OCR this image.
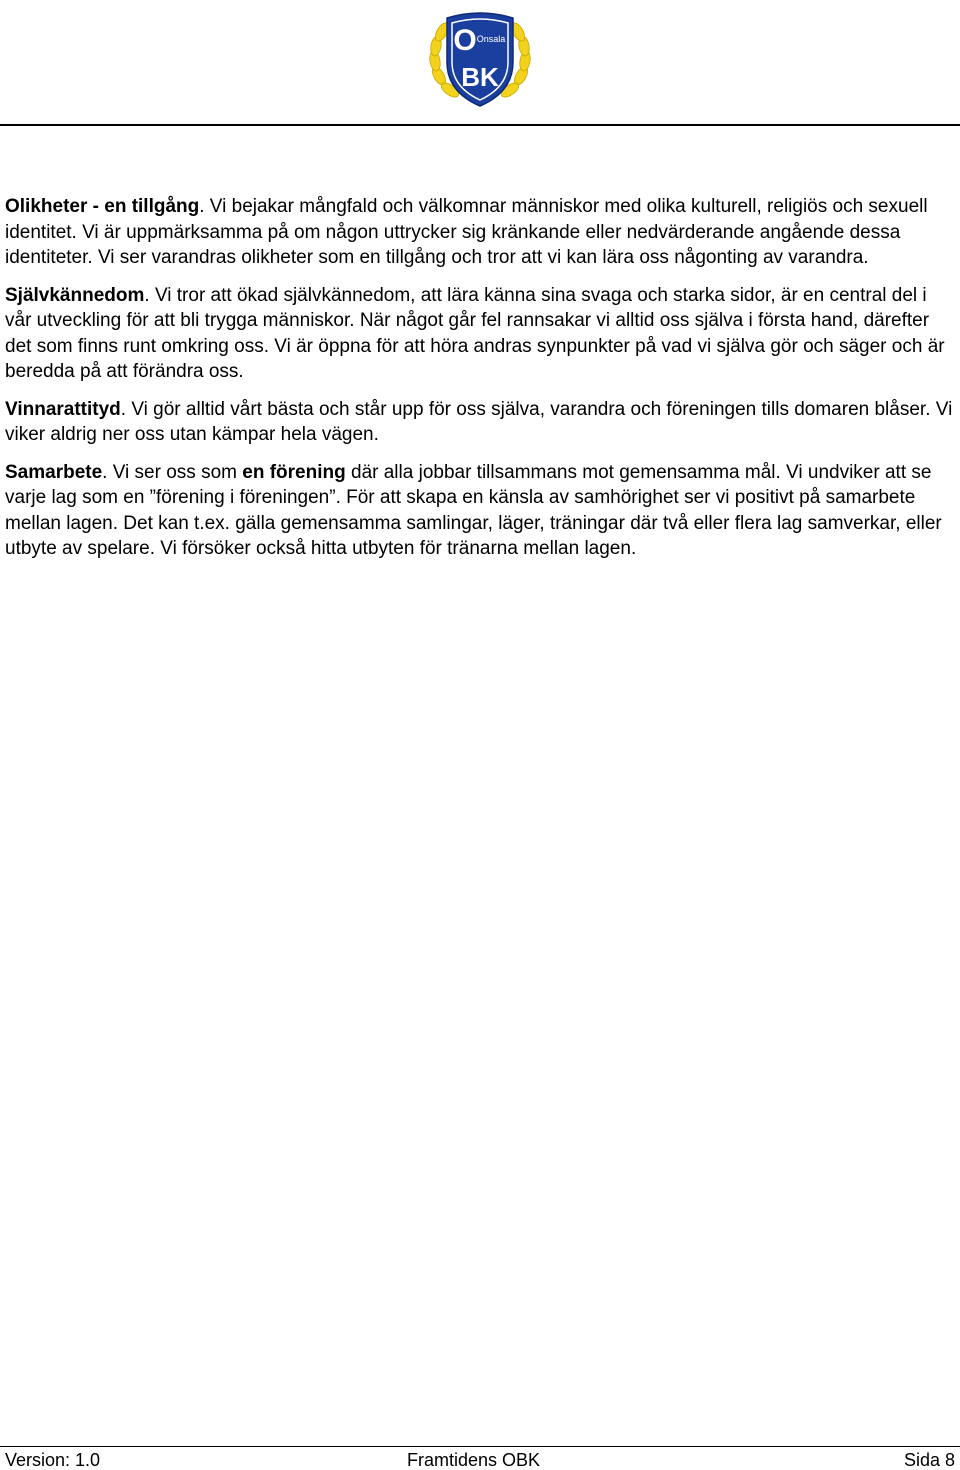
O Onsala
BK

Olikheter - en tillgång. Vi bejakar mångfald och välkomnar människor med olika kulturell, religiös och sexuell identitet. Vi är uppmärksamma på om någon uttrycker sig kränkande eller nedvärderande angående dessa identiteter. Vi ser varandras olikheter som en tillgång och tror att vi kan lära oss någonting av varandra.

Självkännedom. Vi tror att ökad självkännedom, att lära känna sina svaga och starka sidor, är en central del i vår utveckling för att bli trygga människor. När något går fel rannsakar vi alltid oss själva i första hand, därefter det som finns runt omkring oss. Vi är öppna för att höra andras synpunkter på vad vi själva gör och säger och är beredda på att förändra oss.

Vinnarattityd. Vi gör alltid vårt bästa och står upp för oss själva, varandra och föreningen tills domaren blåser. Vi viker aldrig ner oss utan kämpar hela vägen.

Samarbete. Vi ser oss som en förening där alla jobbar tillsammans mot gemensamma mål. Vi undviker att se varje lag som en ”förening i föreningen”. För att skapa en känsla av samhörighet ser vi positivt på samarbete mellan lagen. Det kan t.ex. gälla gemensamma samlingar, läger, träningar där två eller flera lag samverkar, eller utbyte av spelare. Vi försöker också hitta utbyten för tränarna mellan lagen.

Version: 1.0	Framtidens OBK	Sida 8
